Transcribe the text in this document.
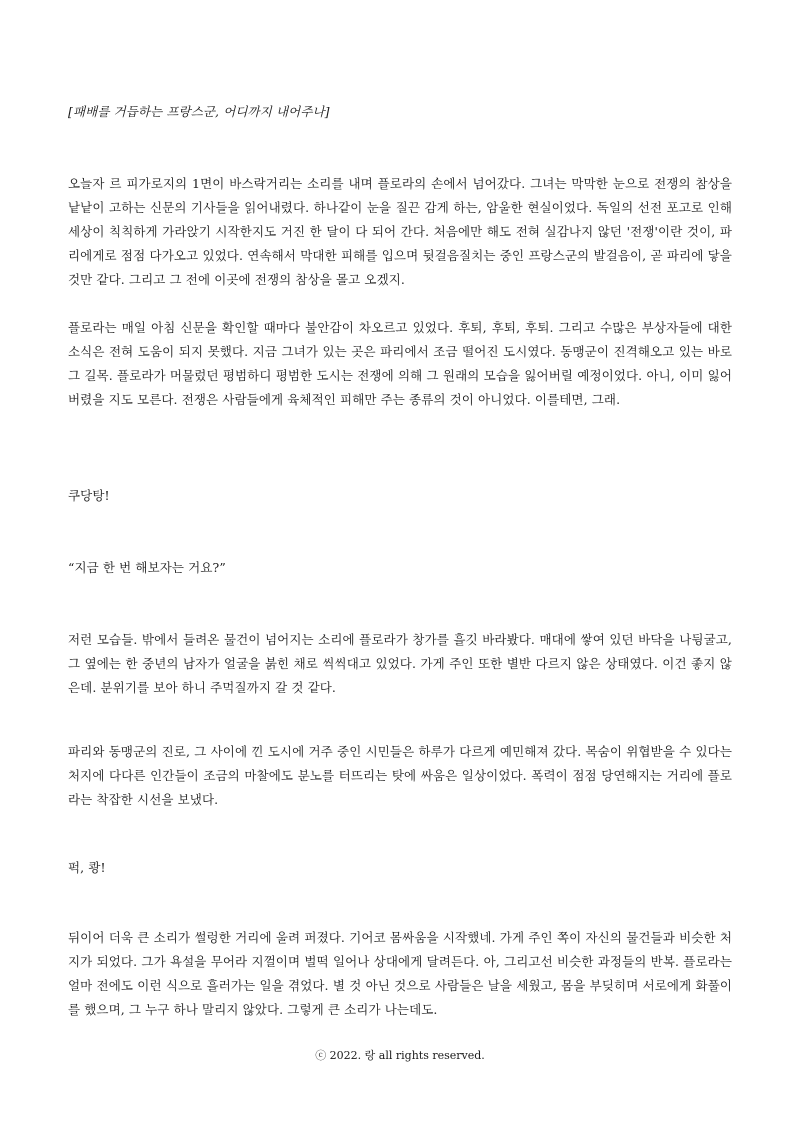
[패배를 거듭하는 프랑스군, 어디까지 내어주나]
오늘자 르 피가로지의 1면이 바스락거리는 소리를 내며 플로라의 손에서 넘어갔다. 그녀는 막막한 눈으로 전쟁의 참상을 낱낱이 고하는 신문의 기사들을 읽어내렸다. 하나같이 눈을 질끈 감게 하는, 암울한 현실이었다. 독일의 선전 포고로 인해 세상이 칙칙하게 가라앉기 시작한지도 거진 한 달이 다 되어 간다. 처음에만 해도 전혀 실감나지 않던 '전쟁'이란 것이, 파리에게로 점점 다가오고 있었다. 연속해서 막대한 피해를 입으며 뒷걸음질치는 중인 프랑스군의 발걸음이, 곧 파리에 닿을 것만 같다. 그리고 그 전에 이곳에 전쟁의 참상을 몰고 오겠지.
플로라는 매일 아침 신문을 확인할 때마다 불안감이 차오르고 있었다. 후퇴, 후퇴, 후퇴. 그리고 수많은 부상자들에 대한 소식은 전혀 도움이 되지 못했다. 지금 그녀가 있는 곳은 파리에서 조금 떨어진 도시였다. 동맹군이 진격해오고 있는 바로 그 길목. 플로라가 머물렀던 평범하디 평범한 도시는 전쟁에 의해 그 원래의 모습을 잃어버릴 예정이었다. 아니, 이미 잃어버렸을 지도 모른다. 전쟁은 사람들에게 육체적인 피해만 주는 종류의 것이 아니었다. 이를테면, 그래.
쿠당탕!
“지금 한 번 해보자는 거요?”
저런 모습들. 밖에서 들려온 물건이 넘어지는 소리에 플로라가 창가를 흘깃 바라봤다. 매대에 쌓여 있던 바닥을 나뒹굴고, 그 옆에는 한 중년의 남자가 얼굴을 붉힌 채로 씩씩대고 있었다. 가게 주인 또한 별반 다르지 않은 상태였다. 이건 좋지 않은데. 분위기를 보아 하니 주먹질까지 갈 것 같다.
파리와 동맹군의 진로, 그 사이에 낀 도시에 거주 중인 시민들은 하루가 다르게 예민해져 갔다. 목숨이 위협받을 수 있다는 처지에 다다른 인간들이 조금의 마찰에도 분노를 터뜨리는 탓에 싸움은 일상이었다. 폭력이 점점 당연해지는 거리에 플로라는 착잡한 시선을 보냈다.
퍽, 쾅!
뒤이어 더욱 큰 소리가 썰렁한 거리에 울려 퍼졌다. 기어코 몸싸움을 시작했네. 가게 주인 쪽이 자신의 물건들과 비슷한 처지가 되었다. 그가 욕설을 무어라 지껄이며 벌떡 일어나 상대에게 달려든다. 아, 그리고선 비슷한 과정들의 반복. 플로라는 얼마 전에도 이런 식으로 흘러가는 일을 겪었다. 별 것 아닌 것으로 사람들은 날을 세웠고, 몸을 부딪히며 서로에게 화풀이를 했으며, 그 누구 하나 말리지 않았다. 그렇게 큰 소리가 나는데도.
ⓒ 2022. 랑 all rights reserved.
